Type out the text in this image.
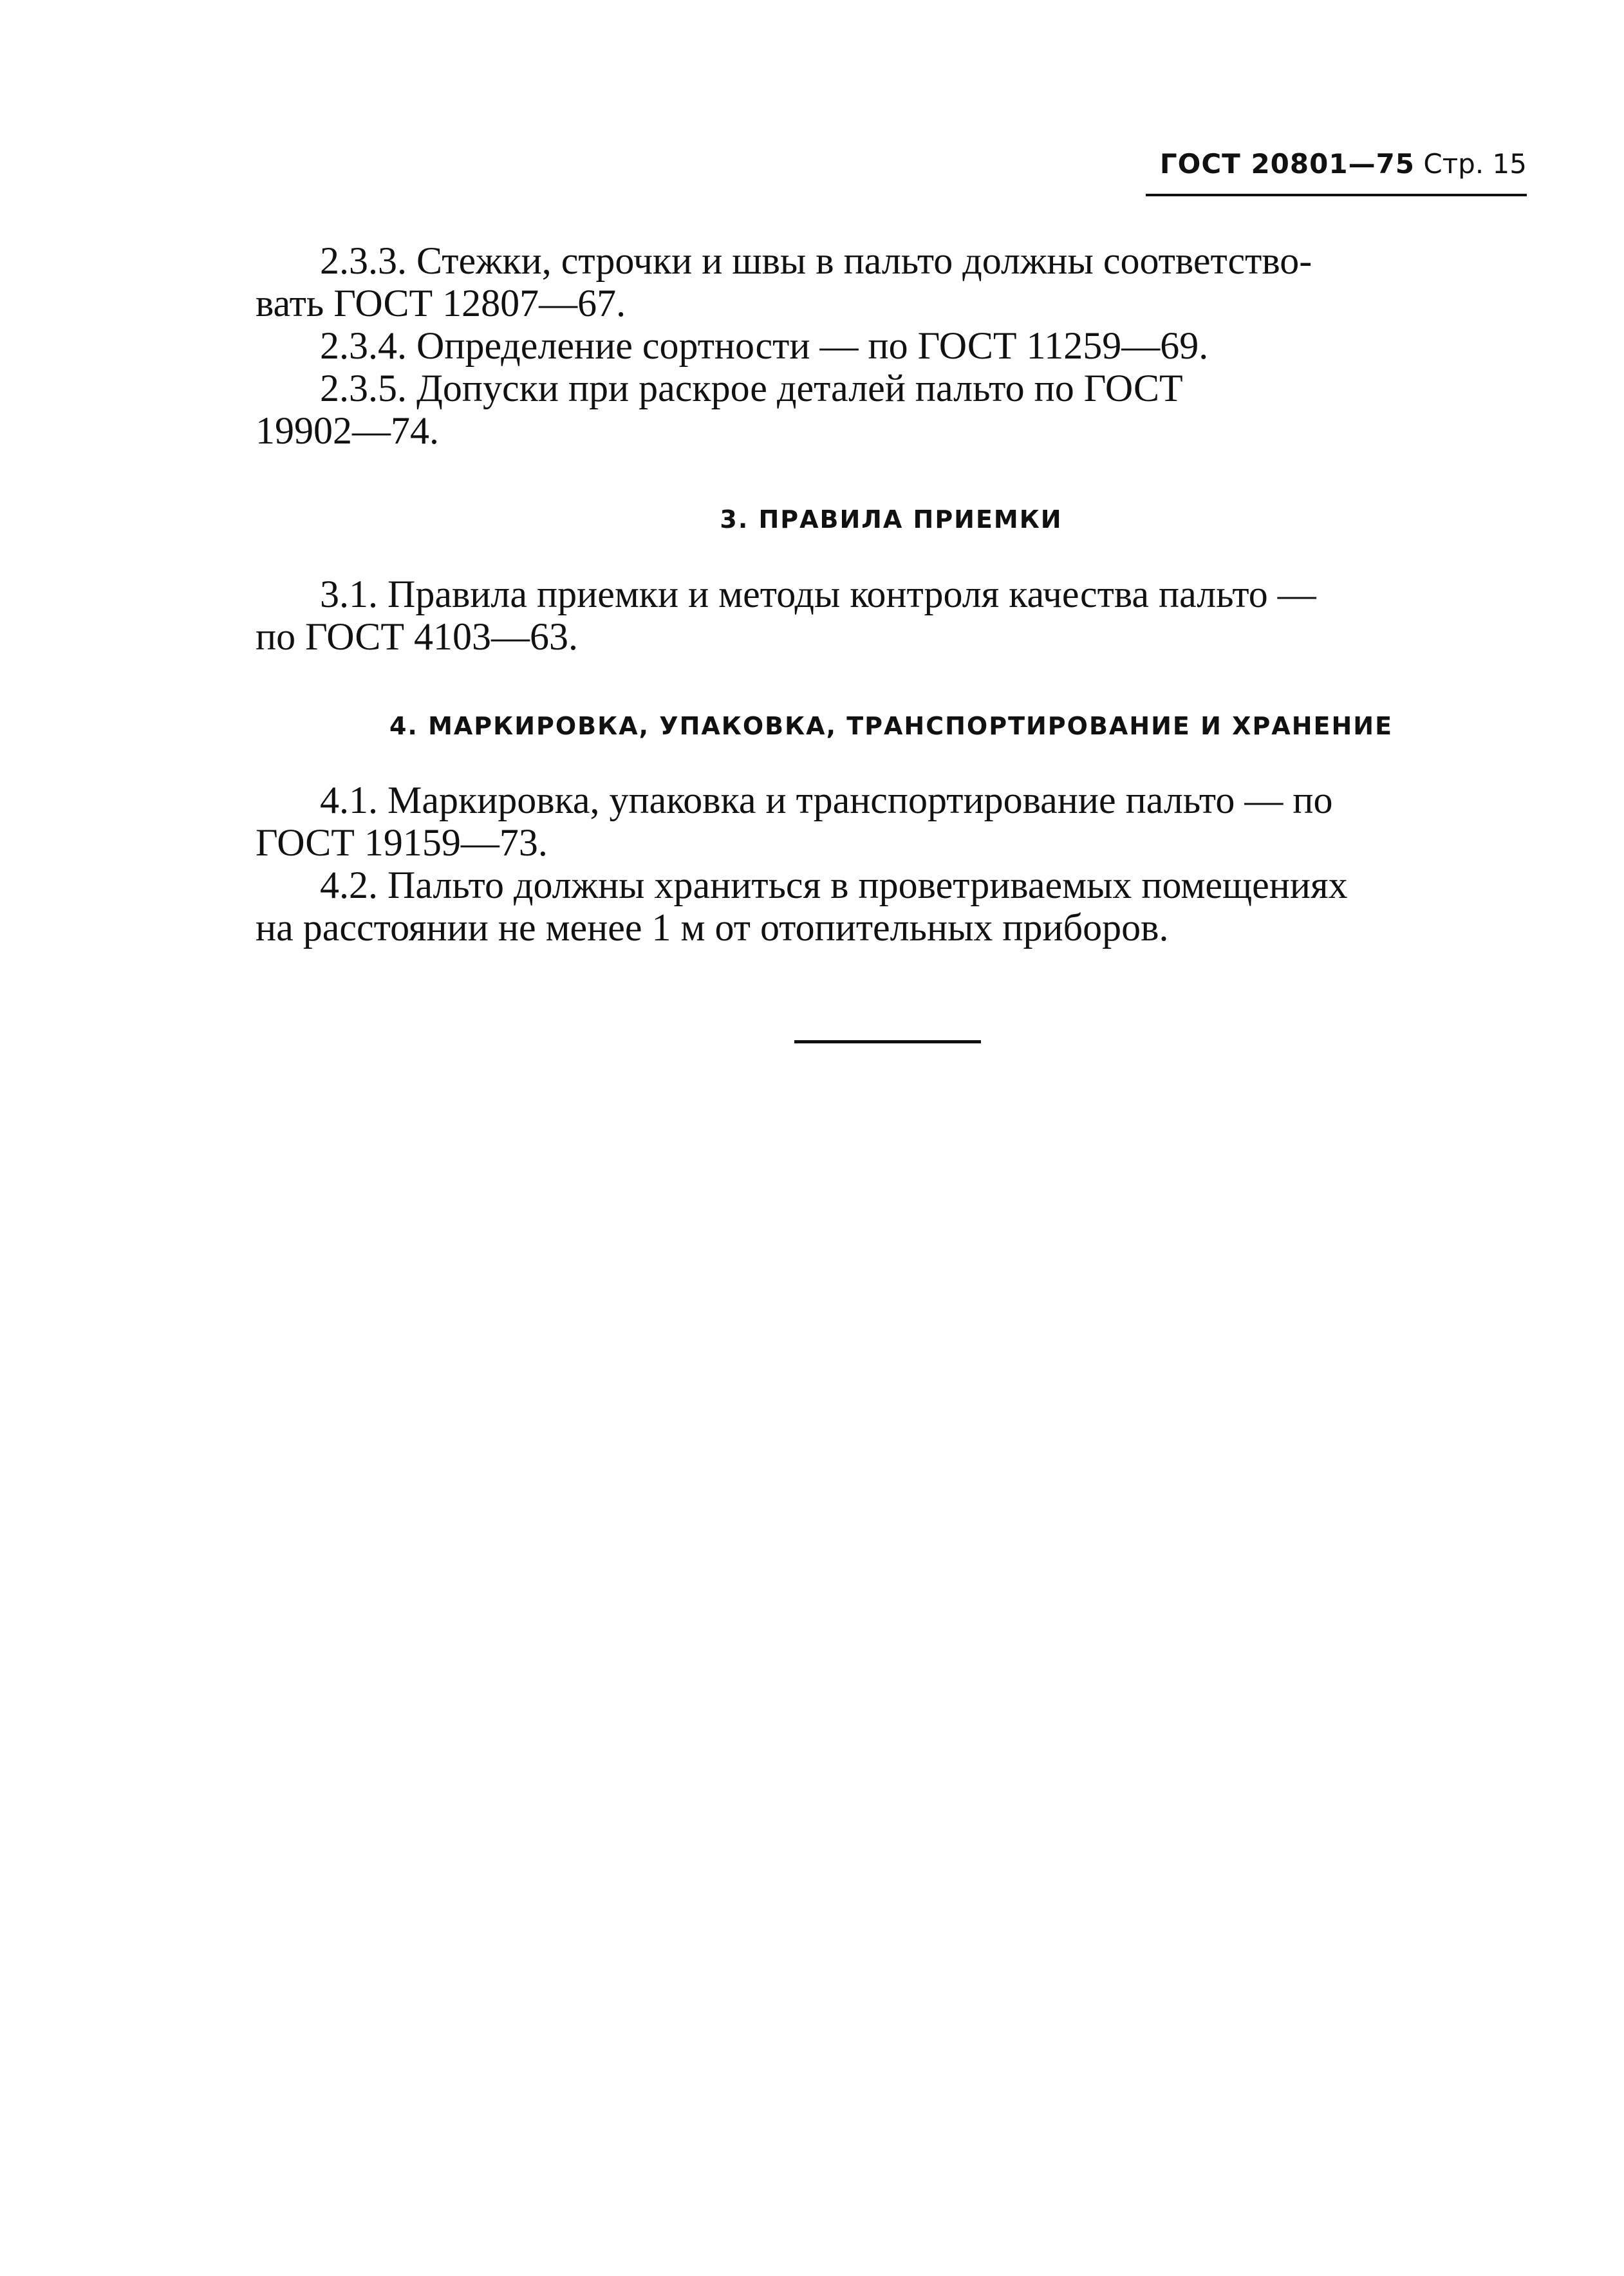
ГОСТ 20801—75 Стр. 15
2.3.3. Стежки, строчки и швы в пальто должны соответство-
вать ГОСТ 12807—67.
2.3.4. Определение сортности — по ГОСТ 11259—69.
2.3.5. Допуски при раскрое деталей пальто по ГОСТ
19902—74.
3. ПРАВИЛА ПРИЕМКИ
3.1. Правила приемки и методы контроля качества пальто —
по ГОСТ 4103—63.
4. МАРКИРОВКА, УПАКОВКА, ТРАНСПОРТИРОВАНИЕ И ХРАНЕНИЕ
4.1. Маркировка, упаковка и транспортирование пальто — по
ГОСТ 19159—73.
4.2. Пальто должны храниться в проветриваемых помещениях
на расстоянии не менее 1 м от отопительных приборов.
